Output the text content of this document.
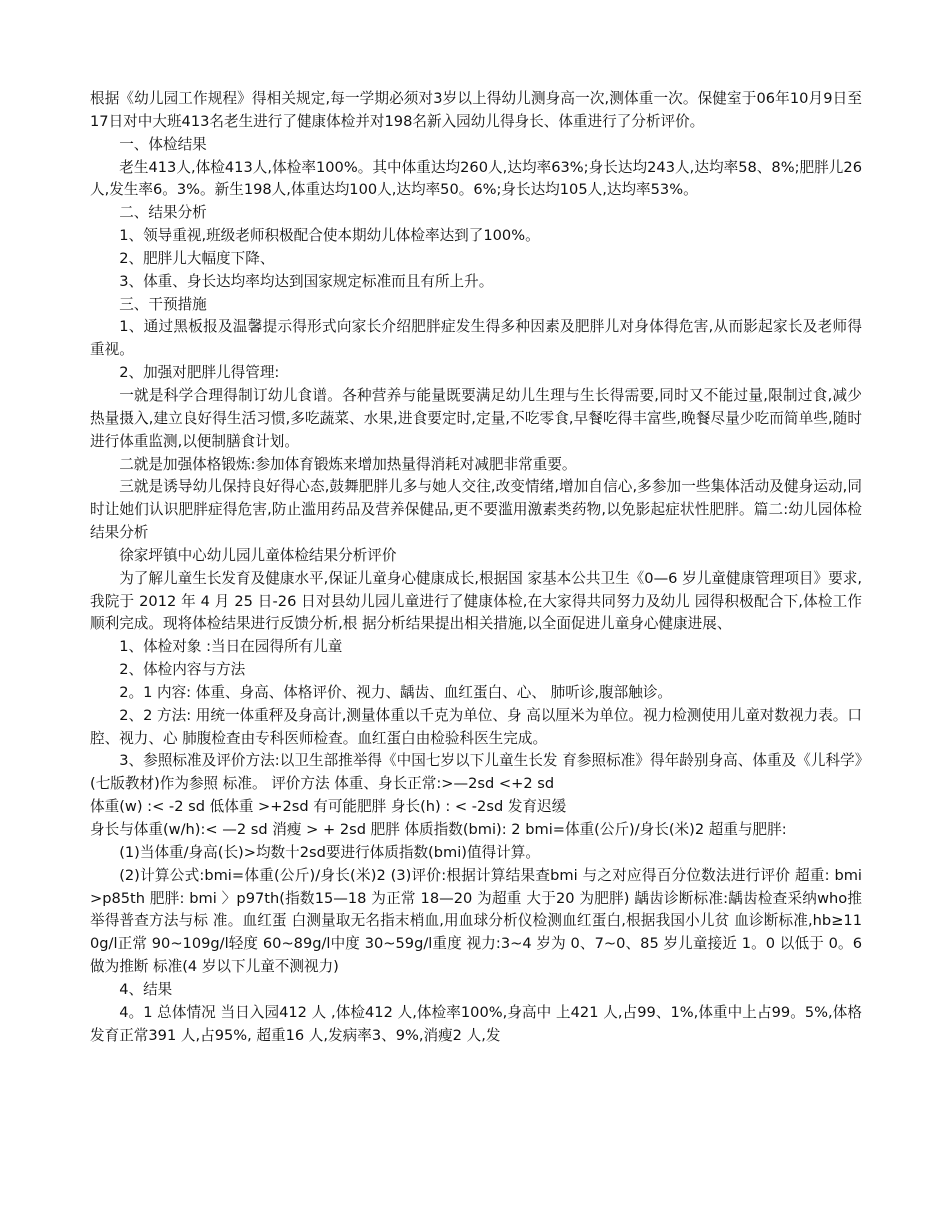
根据《幼儿园工作规程》得相关规定,每一学期必须对3岁以上得幼儿测身高一次,测体重一次。保健室于06年10月9日至17日对中大班413名老生进行了健康体检并对198名新入园幼儿得身长、体重进行了分析评价。

一、体检结果

老生413人,体检413人,体检率100%。其中体重达均260人,达均率63%;身长达均243人,达均率58、8%;肥胖儿26人,发生率6。3%。新生198人,体重达均100人,达均率50。6%;身长达均105人,达均率53%。

二、结果分析

1、领导重视,班级老师积极配合使本期幼儿体检率达到了100%。

2、肥胖儿大幅度下降、

3、体重、身长达均率均达到国家规定标准而且有所上升。

三、干预措施

1、通过黑板报及温馨提示得形式向家长介绍肥胖症发生得多种因素及肥胖儿对身体得危害,从而影起家长及老师得重视。

2、加强对肥胖儿得管理:

一就是科学合理得制订幼儿食谱。各种营养与能量既要满足幼儿生理与生长得需要,同时又不能过量,限制过食,减少热量摄入,建立良好得生活习惯,多吃蔬菜、水果,进食要定时,定量,不吃零食,早餐吃得丰富些,晚餐尽量少吃而简单些,随时进行体重监测,以便制膳食计划。

二就是加强体格锻炼:参加体育锻炼来增加热量得消耗对减肥非常重要。

三就是诱导幼儿保持良好得心态,鼓舞肥胖儿多与她人交往,改变情绪,增加自信心,多参加一些集体活动及健身运动,同时让她们认识肥胖症得危害,防止滥用药品及营养保健品,更不要滥用激素类药物,以免影起症状性肥胖。篇二:幼儿园体检结果分析

徐家坪镇中心幼儿园儿童体检结果分析评价

为了解儿童生长发育及健康水平,保证儿童身心健康成长,根据国 家基本公共卫生《0—6 岁儿童健康管理项目》要求,我院于 2012 年 4 月 25 日-26 日对县幼儿园儿童进行了健康体检,在大家得共同努力及幼儿 园得积极配合下,体检工作顺利完成。现将体检结果进行反馈分析,根 据分析结果提出相关措施,以全面促进儿童身心健康进展、

1、体检对象 :当日在园得所有儿童

2、体检内容与方法

2。1 内容: 体重、身高、体格评价、视力、龋齿、血红蛋白、心、 肺听诊,腹部触诊。

2、2 方法: 用统一体重秤及身高计,测量体重以千克为单位、身 高以厘米为单位。视力检测使用儿童对数视力表。口腔、视力、心 肺腹检查由专科医师检查。血红蛋白由检验科医生完成。

3、参照标准及评价方法:以卫生部推举得《中国七岁以下儿童生长发 育参照标准》得年龄别身高、体重及《儿科学》(七版教材)作为参照 标准。 评价方法 体重、身长正常:>—2sd <+2 sd

体重(w) :< -2 sd 低体重 >+2sd 有可能肥胖 身长(h) : < -2sd 发育迟缓

身长与体重(w/h):< —2 sd 消瘦 > + 2sd 肥胖 体质指数(bmi): 2 bmi=体重(公斤)/身长(米)2 超重与肥胖:

(1)当体重/身高(长)>均数十2sd要进行体质指数(bmi)值得计算。

(2)计算公式:bmi=体重(公斤)/身长(米)2 (3)评价:根据计算结果查bmi 与之对应得百分位数法进行评价 超重: bmi>p85th 肥胖: bmi 〉p97th(指数15—18 为正常 18—20 为超重 大于20 为肥胖) 龋齿诊断标准:龋齿检查采纳who推举得普查方法与标 准。血红蛋 白测量取无名指末梢血,用血球分析仪检测血红蛋白,根据我国小儿贫 血诊断标准,hb≥110g/l正常 90~109g/l轻度 60~89g/l中度 30~59g/l重度 视力:3~4 岁为 0、7~0、85 岁儿童接近 1。0 以低于 0。6 做为推断 标准(4 岁以下儿童不测视力)

4、结果

4。1 总体情况 当日入园412 人 ,体检412 人,体检率100%,身高中 上421 人,占99、1%,体重中上占99。5%,体格发育正常391 人,占95%, 超重16 人,发病率3、9%,消瘦2 人,发
